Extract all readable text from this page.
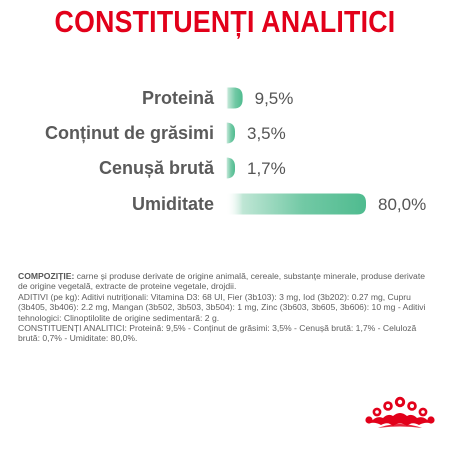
CONSTITUENȚI ANALITICI
Proteină 9,5%
Conținut de grăsimi 3,5%
Cenușă brută 1,7%
Umiditate	80,0%

COMPOZIȚIE: carne și produse derivate de origine animală, cereale, substanțe minerale, produse derivate de origine vegetală, extracte de proteine vegetale, drojdii.

ADITIVI (pe kg): Aditivi nutriționali: Vitamina D3: 68 UI, Fier (3b103): 3 mg, Iod (3b202): 0.27 mg, Cupru (3b405, 3b406): 2.2 mg, Mangan (3b502, 3b503, 3b504): 1 mg, Zinc (3b603, 3b605, 3b606): 10 mg - Aditivi tehnologici: Clinoptilolite de origine sedimentară: 2 g.

CONSTITUENȚI ANALITICI: Proteină: 9,5% - Conținut de grăsimi: 3,5% - Cenușă brută: 1,7% - Celuloză brută: 0,7% - Umiditate: 80,0%.
